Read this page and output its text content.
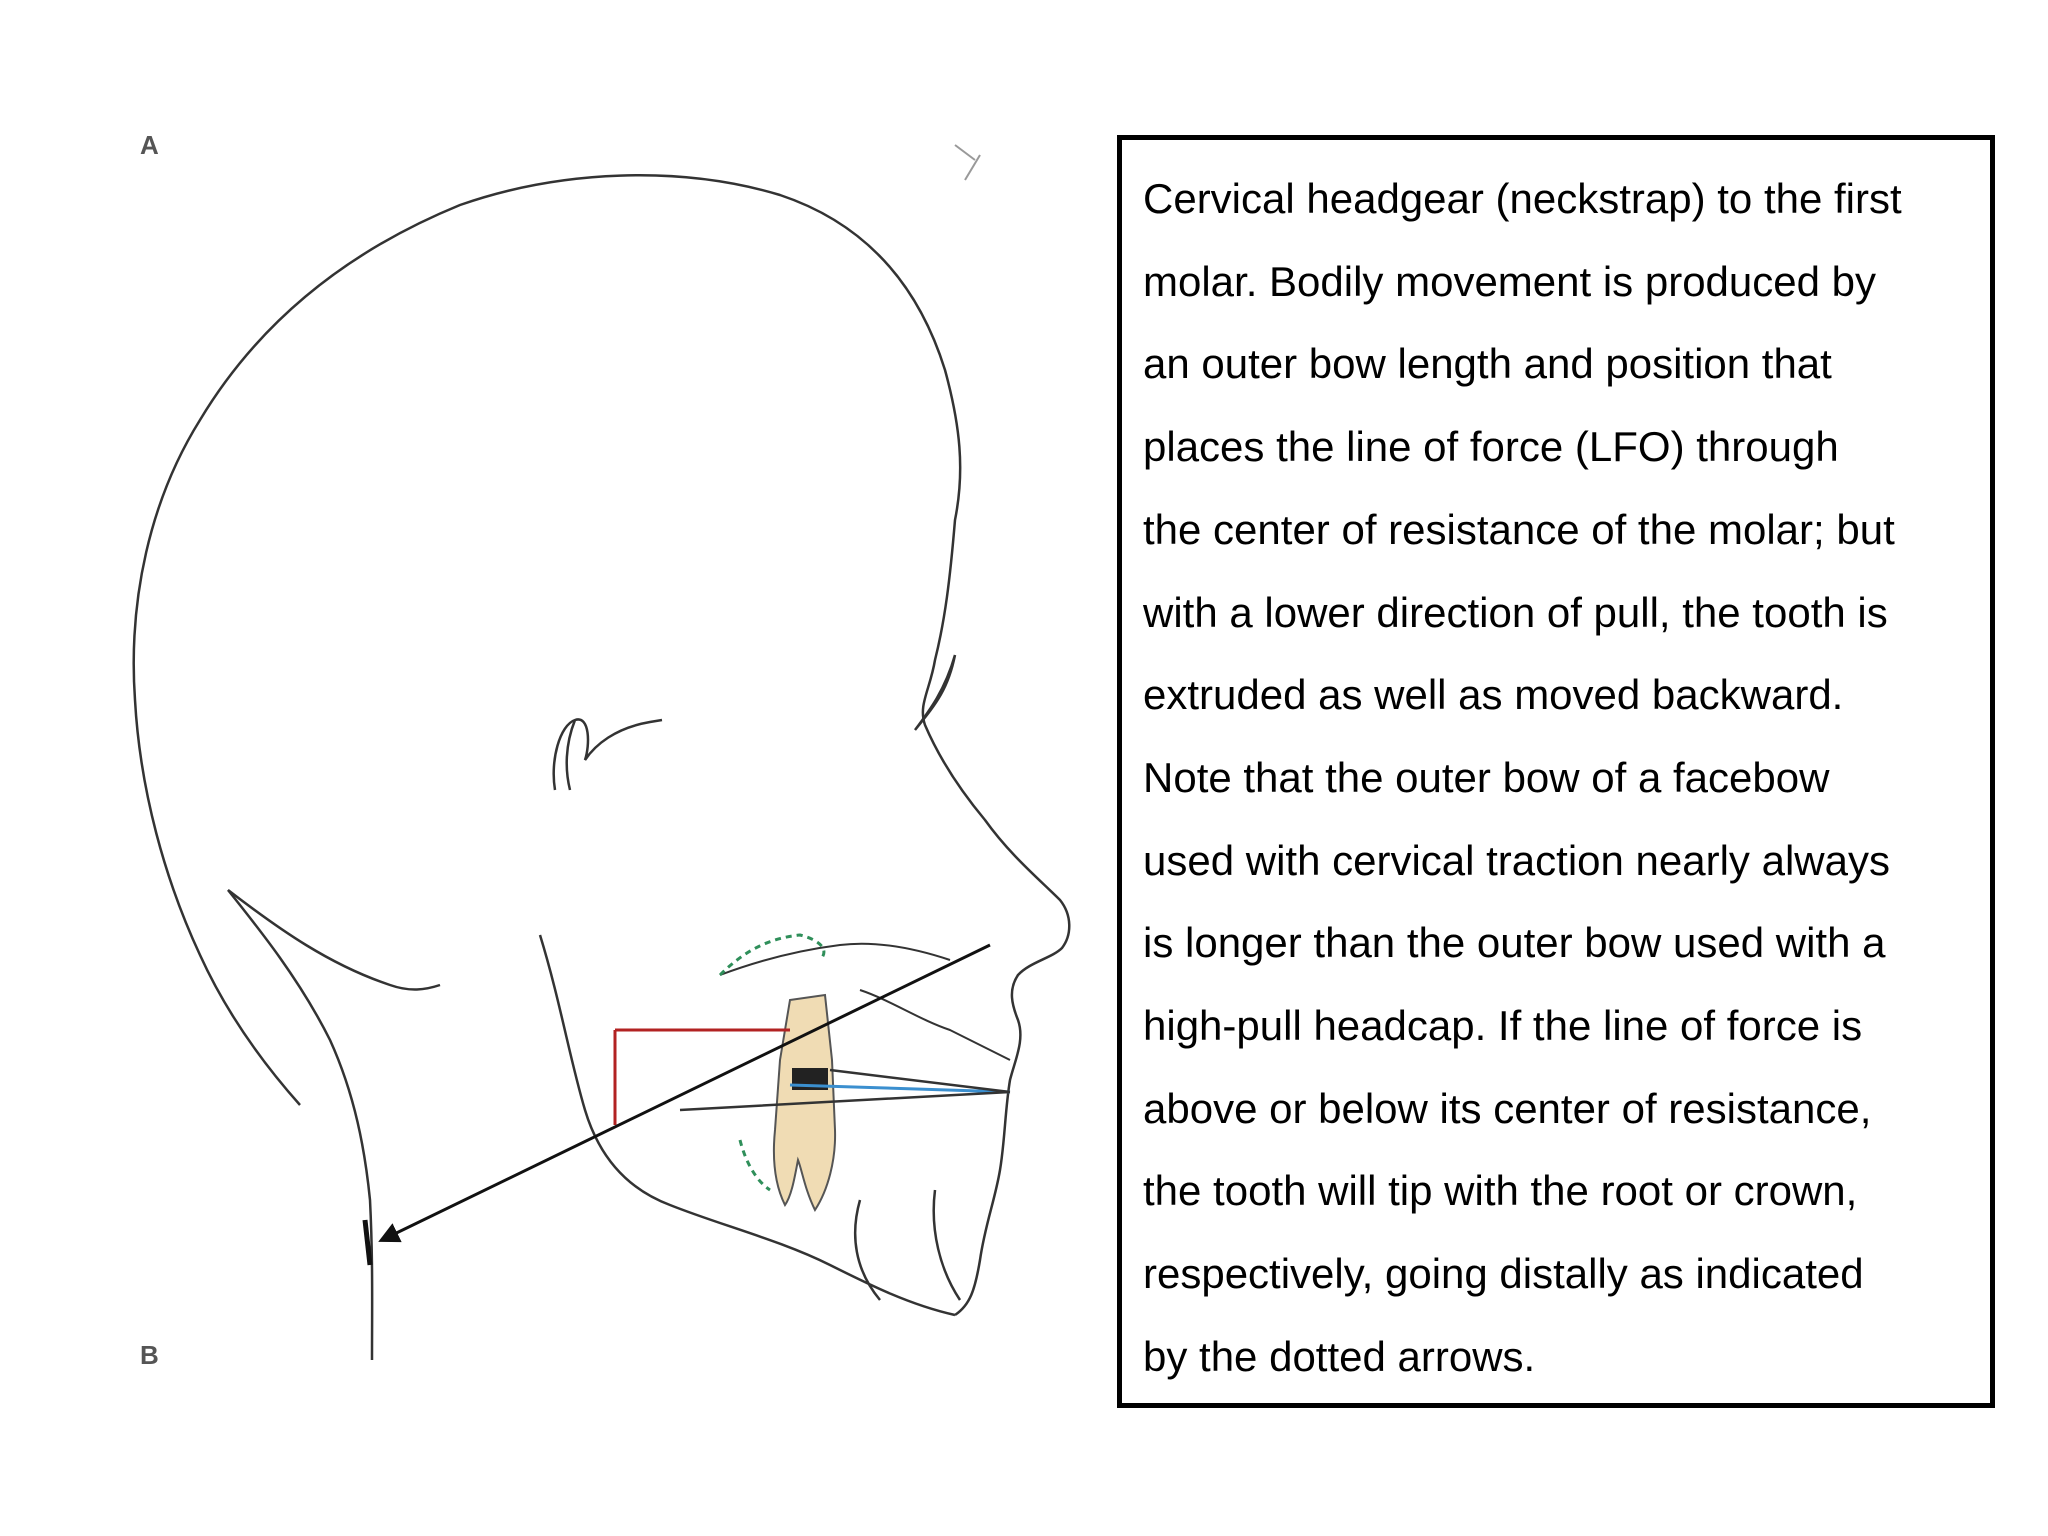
A
B
Cervical headgear (neckstrap) to the first
molar. Bodily movement is produced by
an outer bow length and position that
places the line of force (LFO) through
the center of resistance of the molar; but
with a lower direction of pull, the tooth is
extruded as well as moved backward.
Note that the outer bow of a facebow
used with cervical traction nearly always
is longer than the outer bow used with a
high-pull headcap. If the line of force is
above or below its center of resistance,
the tooth will tip with the root or crown,
respectively, going distally as indicated
by the dotted arrows.
